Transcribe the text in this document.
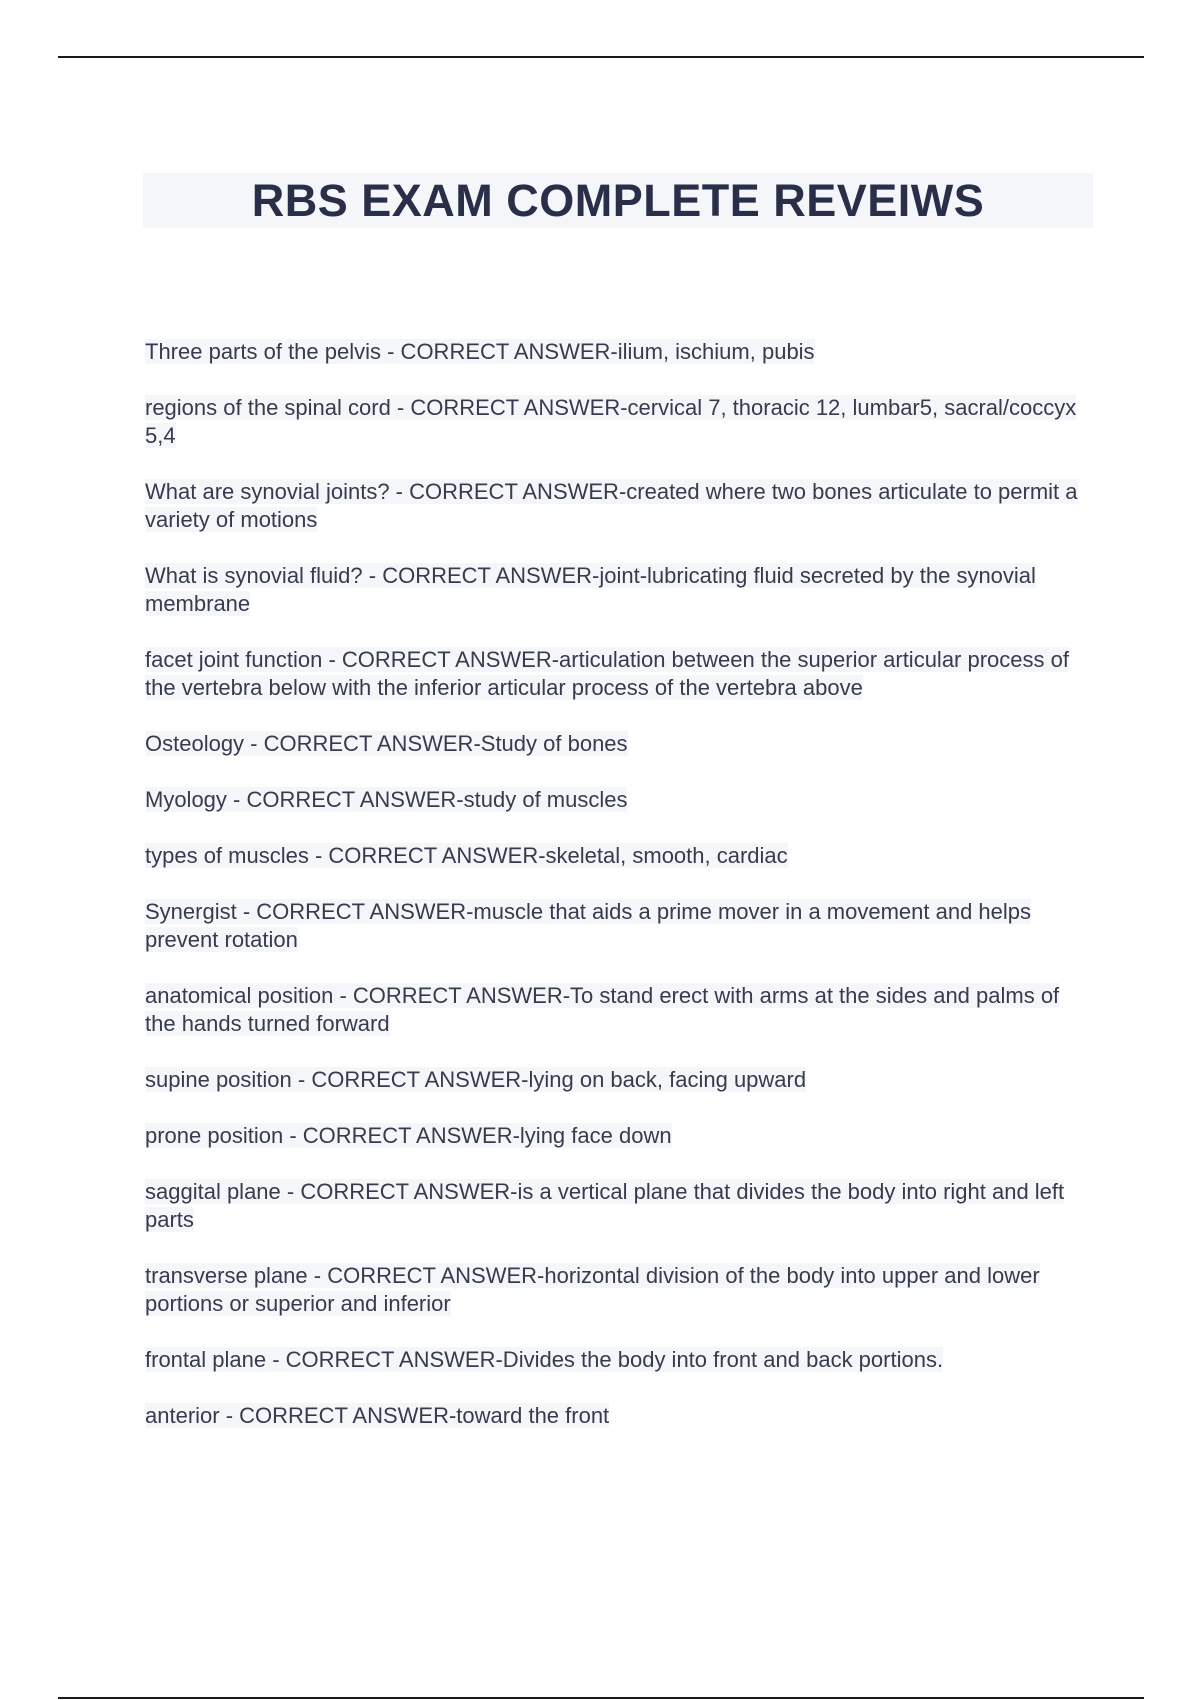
RBS EXAM COMPLETE REVEIWS
Three parts of the pelvis - CORRECT ANSWER-ilium, ischium, pubis
regions of the spinal cord - CORRECT ANSWER-cervical 7, thoracic 12, lumbar5, sacral/coccyx 5,4
What are synovial joints? - CORRECT ANSWER-created where two bones articulate to permit a variety of motions
What is synovial fluid? - CORRECT ANSWER-joint-lubricating fluid secreted by the synovial membrane
facet joint function - CORRECT ANSWER-articulation between the superior articular process of the vertebra below with the inferior articular process of the vertebra above
Osteology - CORRECT ANSWER-Study of bones
Myology - CORRECT ANSWER-study of muscles
types of muscles - CORRECT ANSWER-skeletal, smooth, cardiac
Synergist - CORRECT ANSWER-muscle that aids a prime mover in a movement and helps prevent rotation
anatomical position - CORRECT ANSWER-To stand erect with arms at the sides and palms of the hands turned forward
supine position - CORRECT ANSWER-lying on back, facing upward
prone position - CORRECT ANSWER-lying face down
saggital plane - CORRECT ANSWER-is a vertical plane that divides the body into right and left parts
transverse plane - CORRECT ANSWER-horizontal division of the body into upper and lower portions or superior and inferior
frontal plane - CORRECT ANSWER-Divides the body into front and back portions.
anterior - CORRECT ANSWER-toward the front
